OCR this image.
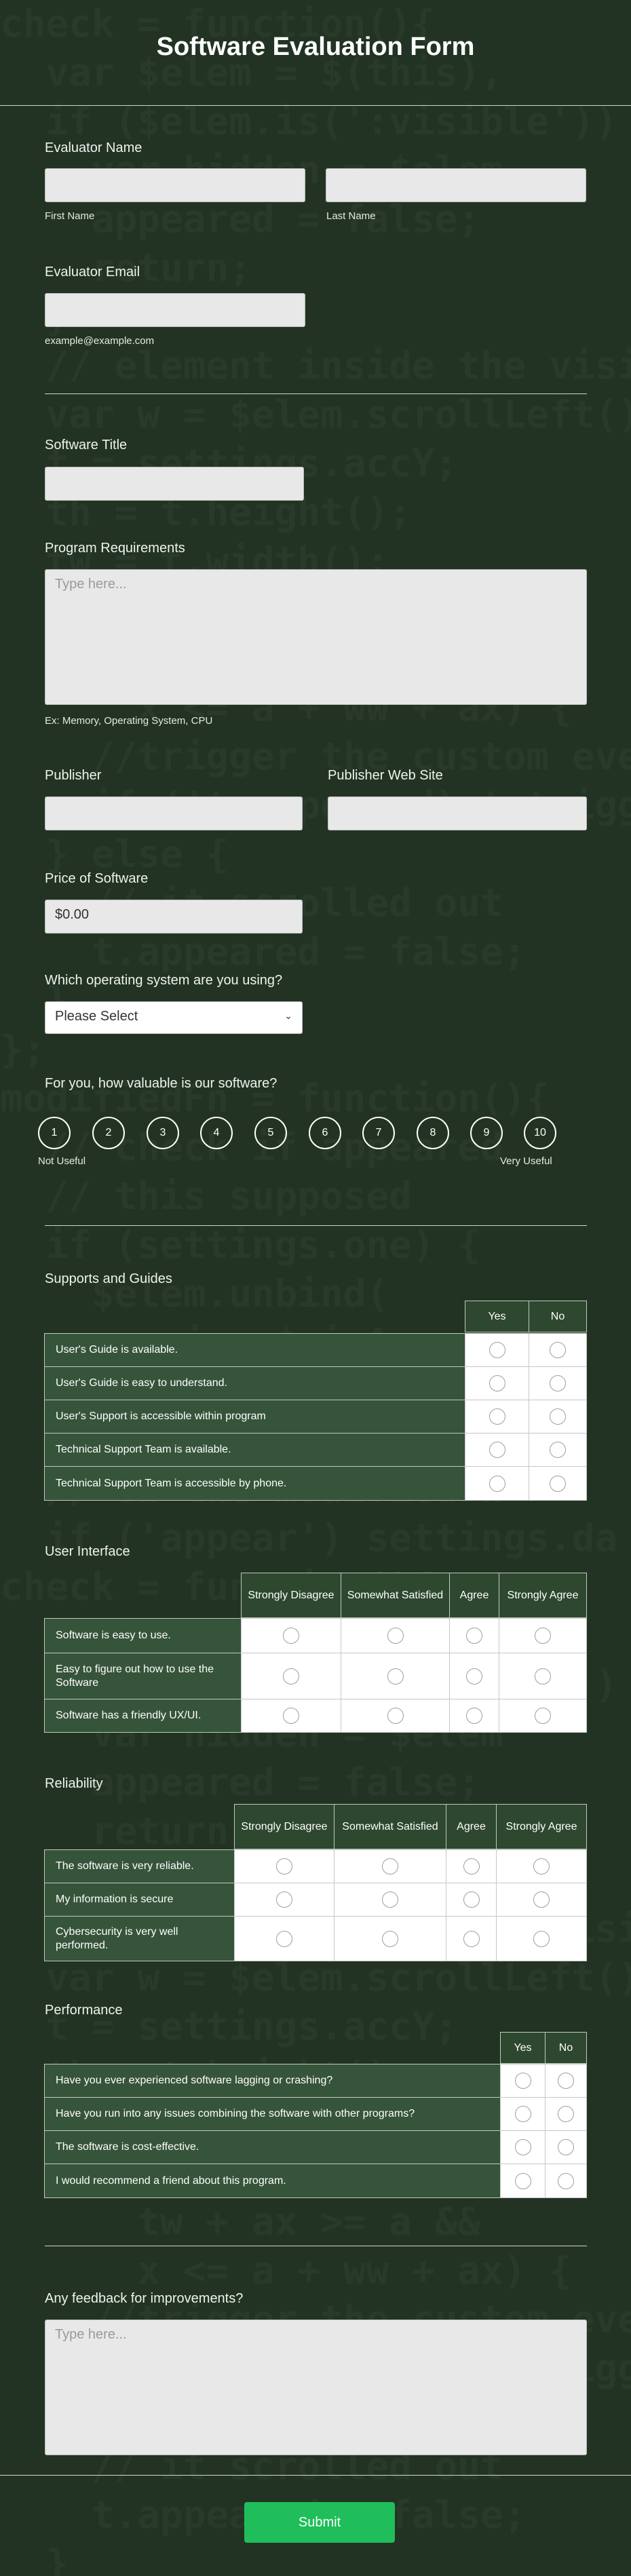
Software Evaluation Form
Evaluator Name
First Name	Last Name
Evaluator Email
example@example.com
Software Title
Program Requirements
Type here...
Ex: Memory, Operating System, CPU
Publisher	Publisher Web Site
Price of Software
$0.00
Which operating system are you using?
Please Select	⌄
For you, how valuable is our software?
1	2	3	4	5	6	7	8	9	10
Not Useful	Very Useful
Supports and Guides
Yes	No
User's Guide is available.
User's Guide is easy to understand.
User's Support is accessible within program
Technical Support Team is available.
Technical Support Team is accessible by phone.
User Interface
Strongly Disagree	Somewhat Satisfied	Agree	Strongly Agree
Software is easy to use.
Easy to figure out how to use the Software
Software has a friendly UX/UI.
Reliability
Strongly Disagree	Somewhat Satisfied	Agree	Strongly Agree
The software is very reliable.
My information is secure
Cybersecurity is very well performed.
Performance
Yes	No
Have you ever experienced software lagging or crashing?
Have you run into any issues combining the software with other programs?
The software is cost-effective.
I would recommend a friend about this program.
Any feedback for improvements?
Type here...
Submit
